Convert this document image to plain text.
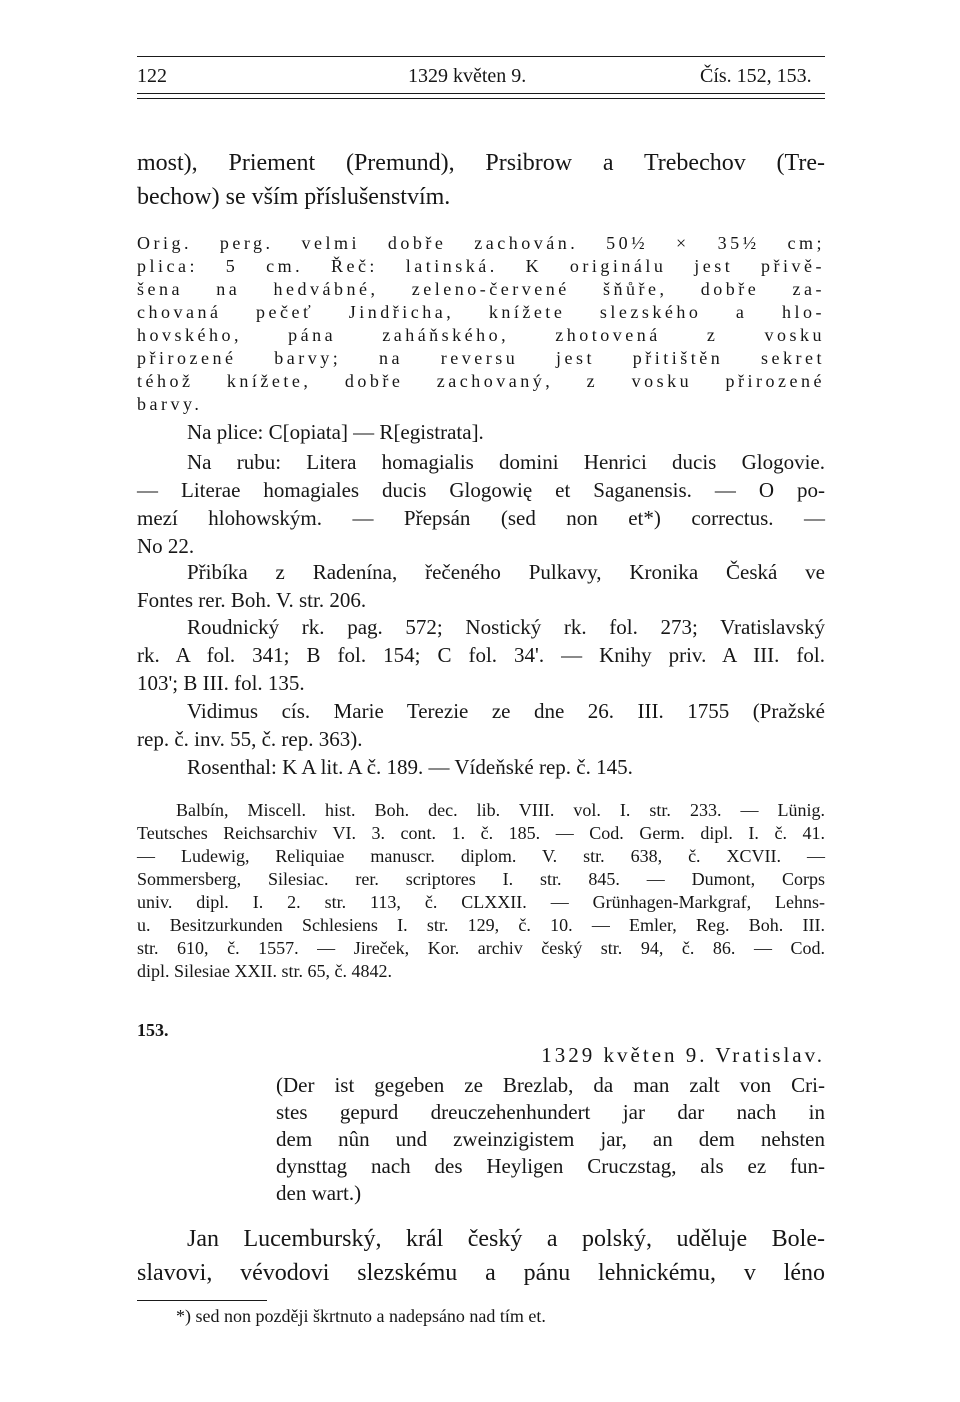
122	1329 květen 9.	Čís. 152, 153.
most), Priement (Premund), Prsibrow a Trebechov (Tre-
bechow) se vším příslušenstvím.
Orig. perg. velmi dobře zachován. 50½ × 35½ cm;
plica: 5 cm. Řeč: latinská. K originálu jest přivě-
šena na hedvábné, zeleno-červené šňůře, dobře za-
chovaná pečeť Jindřicha, knížete slezského a hlo-
hovského, pána zaháňského, zhotovená z vosku
přirozené barvy; na reversu jest přitištěn sekret
téhož knížete, dobře zachovaný, z vosku přirozené
barvy.
Na plice: C[opiata] — R[egistrata].
Na rubu: Litera homagialis domini Henrici ducis Glogovie.
— Literae homagiales ducis Glogowię et Saganensis. — O po-
mezí hlohowským. — Přepsán (sed non et*) correctus. —
No 22.
Přibíka z Radenína, řečeného Pulkavy, Kronika Česká ve
Fontes rer. Boh. V. str. 206.
Roudnický rk. pag. 572; Nostický rk. fol. 273; Vratislavský
rk. A fol. 341; B fol. 154; C fol. 34'. — Knihy priv. A III. fol.
103'; B III. fol. 135.
Vidimus cís. Marie Terezie ze dne 26. III. 1755 (Pražské
rep. č. inv. 55, č. rep. 363).
Rosenthal: K A lit. A č. 189. — Vídeňské rep. č. 145.
Balbín, Miscell. hist. Boh. dec. lib. VIII. vol. I. str. 233. — Lünig.
Teutsches Reichsarchiv VI. 3. cont. 1. č. 185. — Cod. Germ. dipl. I. č. 41.
— Ludewig, Reliquiae manuscr. diplom. V. str. 638, č. XCVII. —
Sommersberg, Silesiac. rer. scriptores I. str. 845. — Dumont, Corps
univ. dipl. I. 2. str. 113, č. CLXXII. — Grünhagen-Markgraf, Lehns-
u. Besitzurkunden Schlesiens I. str. 129, č. 10. — Emler, Reg. Boh. III.
str. 610, č. 1557. — Jireček, Kor. archiv český str. 94, č. 86. — Cod.
dipl. Silesiae XXII. str. 65, č. 4842.
153.
1329 květen 9. Vratislav.
(Der ist gegeben ze Brezlab, da man zalt von Cri-
stes gepurd dreuczehenhundert jar dar nach in
dem nûn und zweinzigistem jar, an dem nehsten
dynsttag nach des Heyligen Cruczstag, als ez fun-
den wart.)
Jan Lucemburský, král český a polský, uděluje Bole-
slavovi, vévodovi slezskému a pánu lehnickému, v léno
*) sed non později škrtnuto a nadepsáno nad tím et.
